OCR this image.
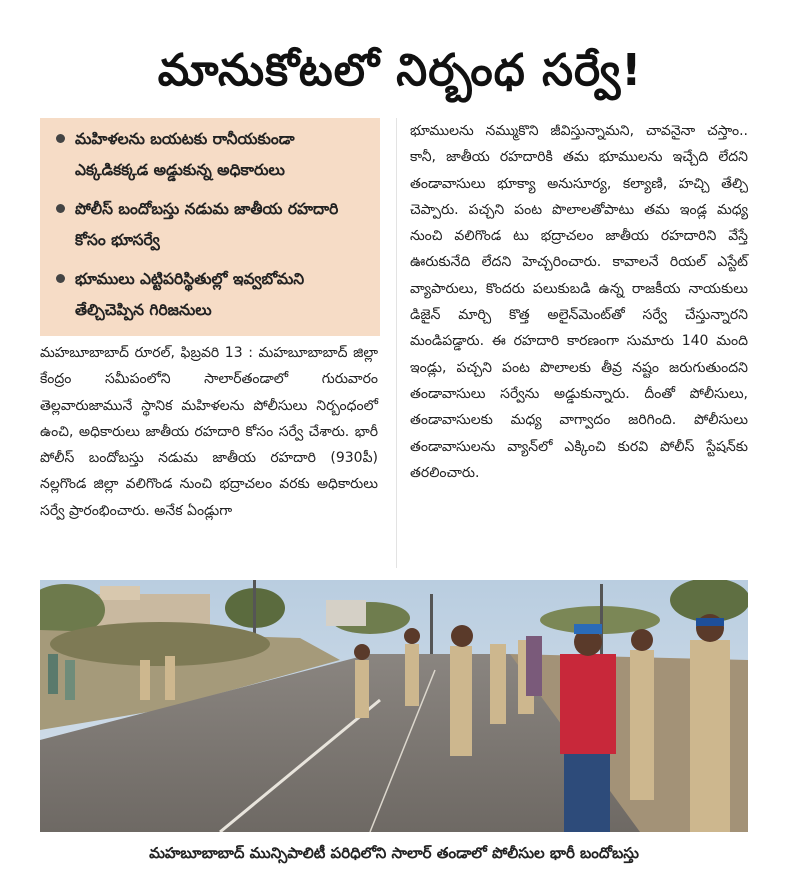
మానుకోటలో నిర్బంధ సర్వే!
మహిళలను బయటకు రానీయకుండా ఎక్కడికక్కడ అడ్డుకున్న అధికారులు
పోలీస్ బందోబస్తు నడుమ జాతీయ రహదారి కోసం భూసర్వే
భూములు ఎట్టిపరిస్థితుల్లో ఇవ్వబోమని తేల్చిచెప్పిన గిరిజనులు

మహబూబాబాద్ రూరల్, ఫిబ్రవరి 13 : మహబూబాబాద్ జిల్లా కేంద్రం సమీపంలోని సాలార్‌తండాలో గురువారం తెల్లవారుజామునే స్థానిక మహిళలను పోలీసులు నిర్బంధంలో ఉంచి, అధికారులు జాతీయ రహదారి కోసం సర్వే చేశారు. భారీ పోలీస్ బందోబస్తు నడుమ జాతీయ రహదారి (930పీ) నల్లగొండ జిల్లా వలిగొండ నుంచి భద్రాచలం వరకు అధికారులు సర్వే ప్రారంభించారు. అనేక ఏండ్లుగా

భూములను నమ్ముకొని జీవిస్తున్నామని, చావనైనా చస్తాం.. కానీ, జాతీయ రహదారికి తమ భూములను ఇచ్చేది లేదని తండావాసులు భూక్యా అనుసూర్య, కల్యాణి, హచ్చి తేల్చి చెప్పారు. పచ్చని పంట పొలాలతోపాటు తమ ఇండ్ల మధ్య నుంచి వలిగొండ టు భద్రాచలం జాతీయ రహదారిని వేస్తే ఊరుకునేది లేదని హెచ్చరించారు. కావాలనే రియల్ ఎస్టేట్ వ్యాపారులు, కొందరు పలుకుబడి ఉన్న రాజకీయ నాయకులు డిజైన్ మార్చి కొత్త అలైన్‌మెంట్‌తో సర్వే చేస్తున్నారని మండిపడ్డారు. ఈ రహదారి కారణంగా సుమారు 140 మంది ఇండ్లు, పచ్చని పంట పొలాలకు తీవ్ర నష్టం జరుగుతుందని తండావాసులు సర్వేను అడ్డుకున్నారు. దీంతో పోలీసులు, తండావాసులకు మధ్య వాగ్వాదం జరిగింది. పోలీసులు తండావాసులను వ్యాన్‌లో ఎక్కించి కురవి పోలీస్ స్టేషన్‌కు తరలించారు.

మహబూబాబాద్ మున్సిపాలిటీ పరిధిలోని సాలార్ తండాలో పోలీసుల భారీ బందోబస్తు
